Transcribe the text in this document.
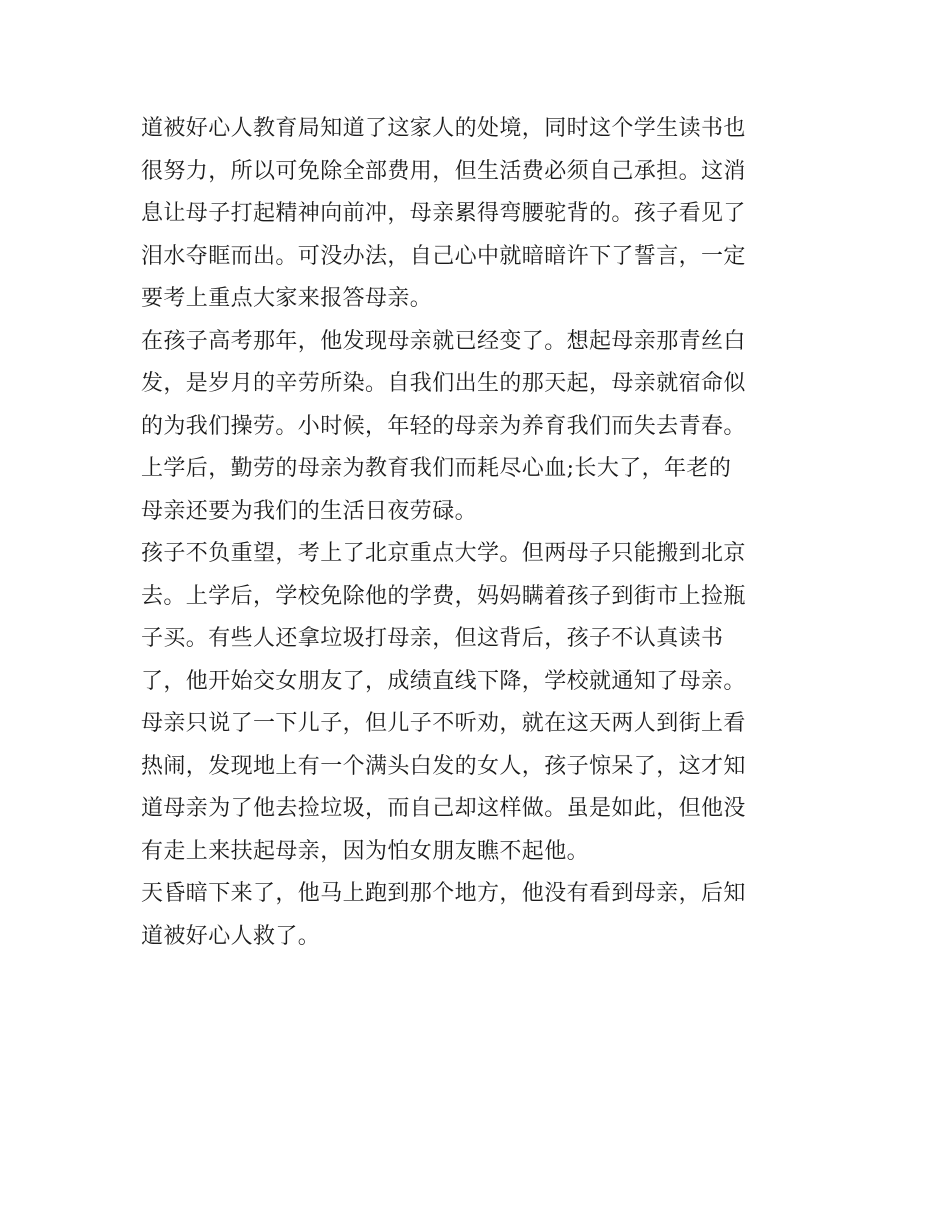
道被好心人教育局知道了这家人的处境，同时这个学生读书也
很努力，所以可免除全部费用，但生活费必须自己承担。这消
息让母子打起精神向前冲，母亲累得弯腰驼背的。孩子看见了
泪水夺眶而出。可没办法，自己心中就暗暗许下了誓言，一定
要考上重点大家来报答母亲。
在孩子高考那年，他发现母亲就已经变了。想起母亲那青丝白
发，是岁月的辛劳所染。自我们出生的那天起，母亲就宿命似
的为我们操劳。小时候，年轻的母亲为养育我们而失去青春。
上学后，勤劳的母亲为教育我们而耗尽心血;长大了，年老的
母亲还要为我们的生活日夜劳碌。
孩子不负重望，考上了北京重点大学。但两母子只能搬到北京
去。上学后，学校免除他的学费，妈妈瞒着孩子到街市上捡瓶
子买。有些人还拿垃圾打母亲，但这背后，孩子不认真读书
了，他开始交女朋友了，成绩直线下降，学校就通知了母亲。
母亲只说了一下儿子，但儿子不听劝，就在这天两人到街上看
热闹，发现地上有一个满头白发的女人，孩子惊呆了，这才知
道母亲为了他去捡垃圾，而自己却这样做。虽是如此，但他没
有走上来扶起母亲，因为怕女朋友瞧不起他。
天昏暗下来了，他马上跑到那个地方，他没有看到母亲，后知
道被好心人救了。
